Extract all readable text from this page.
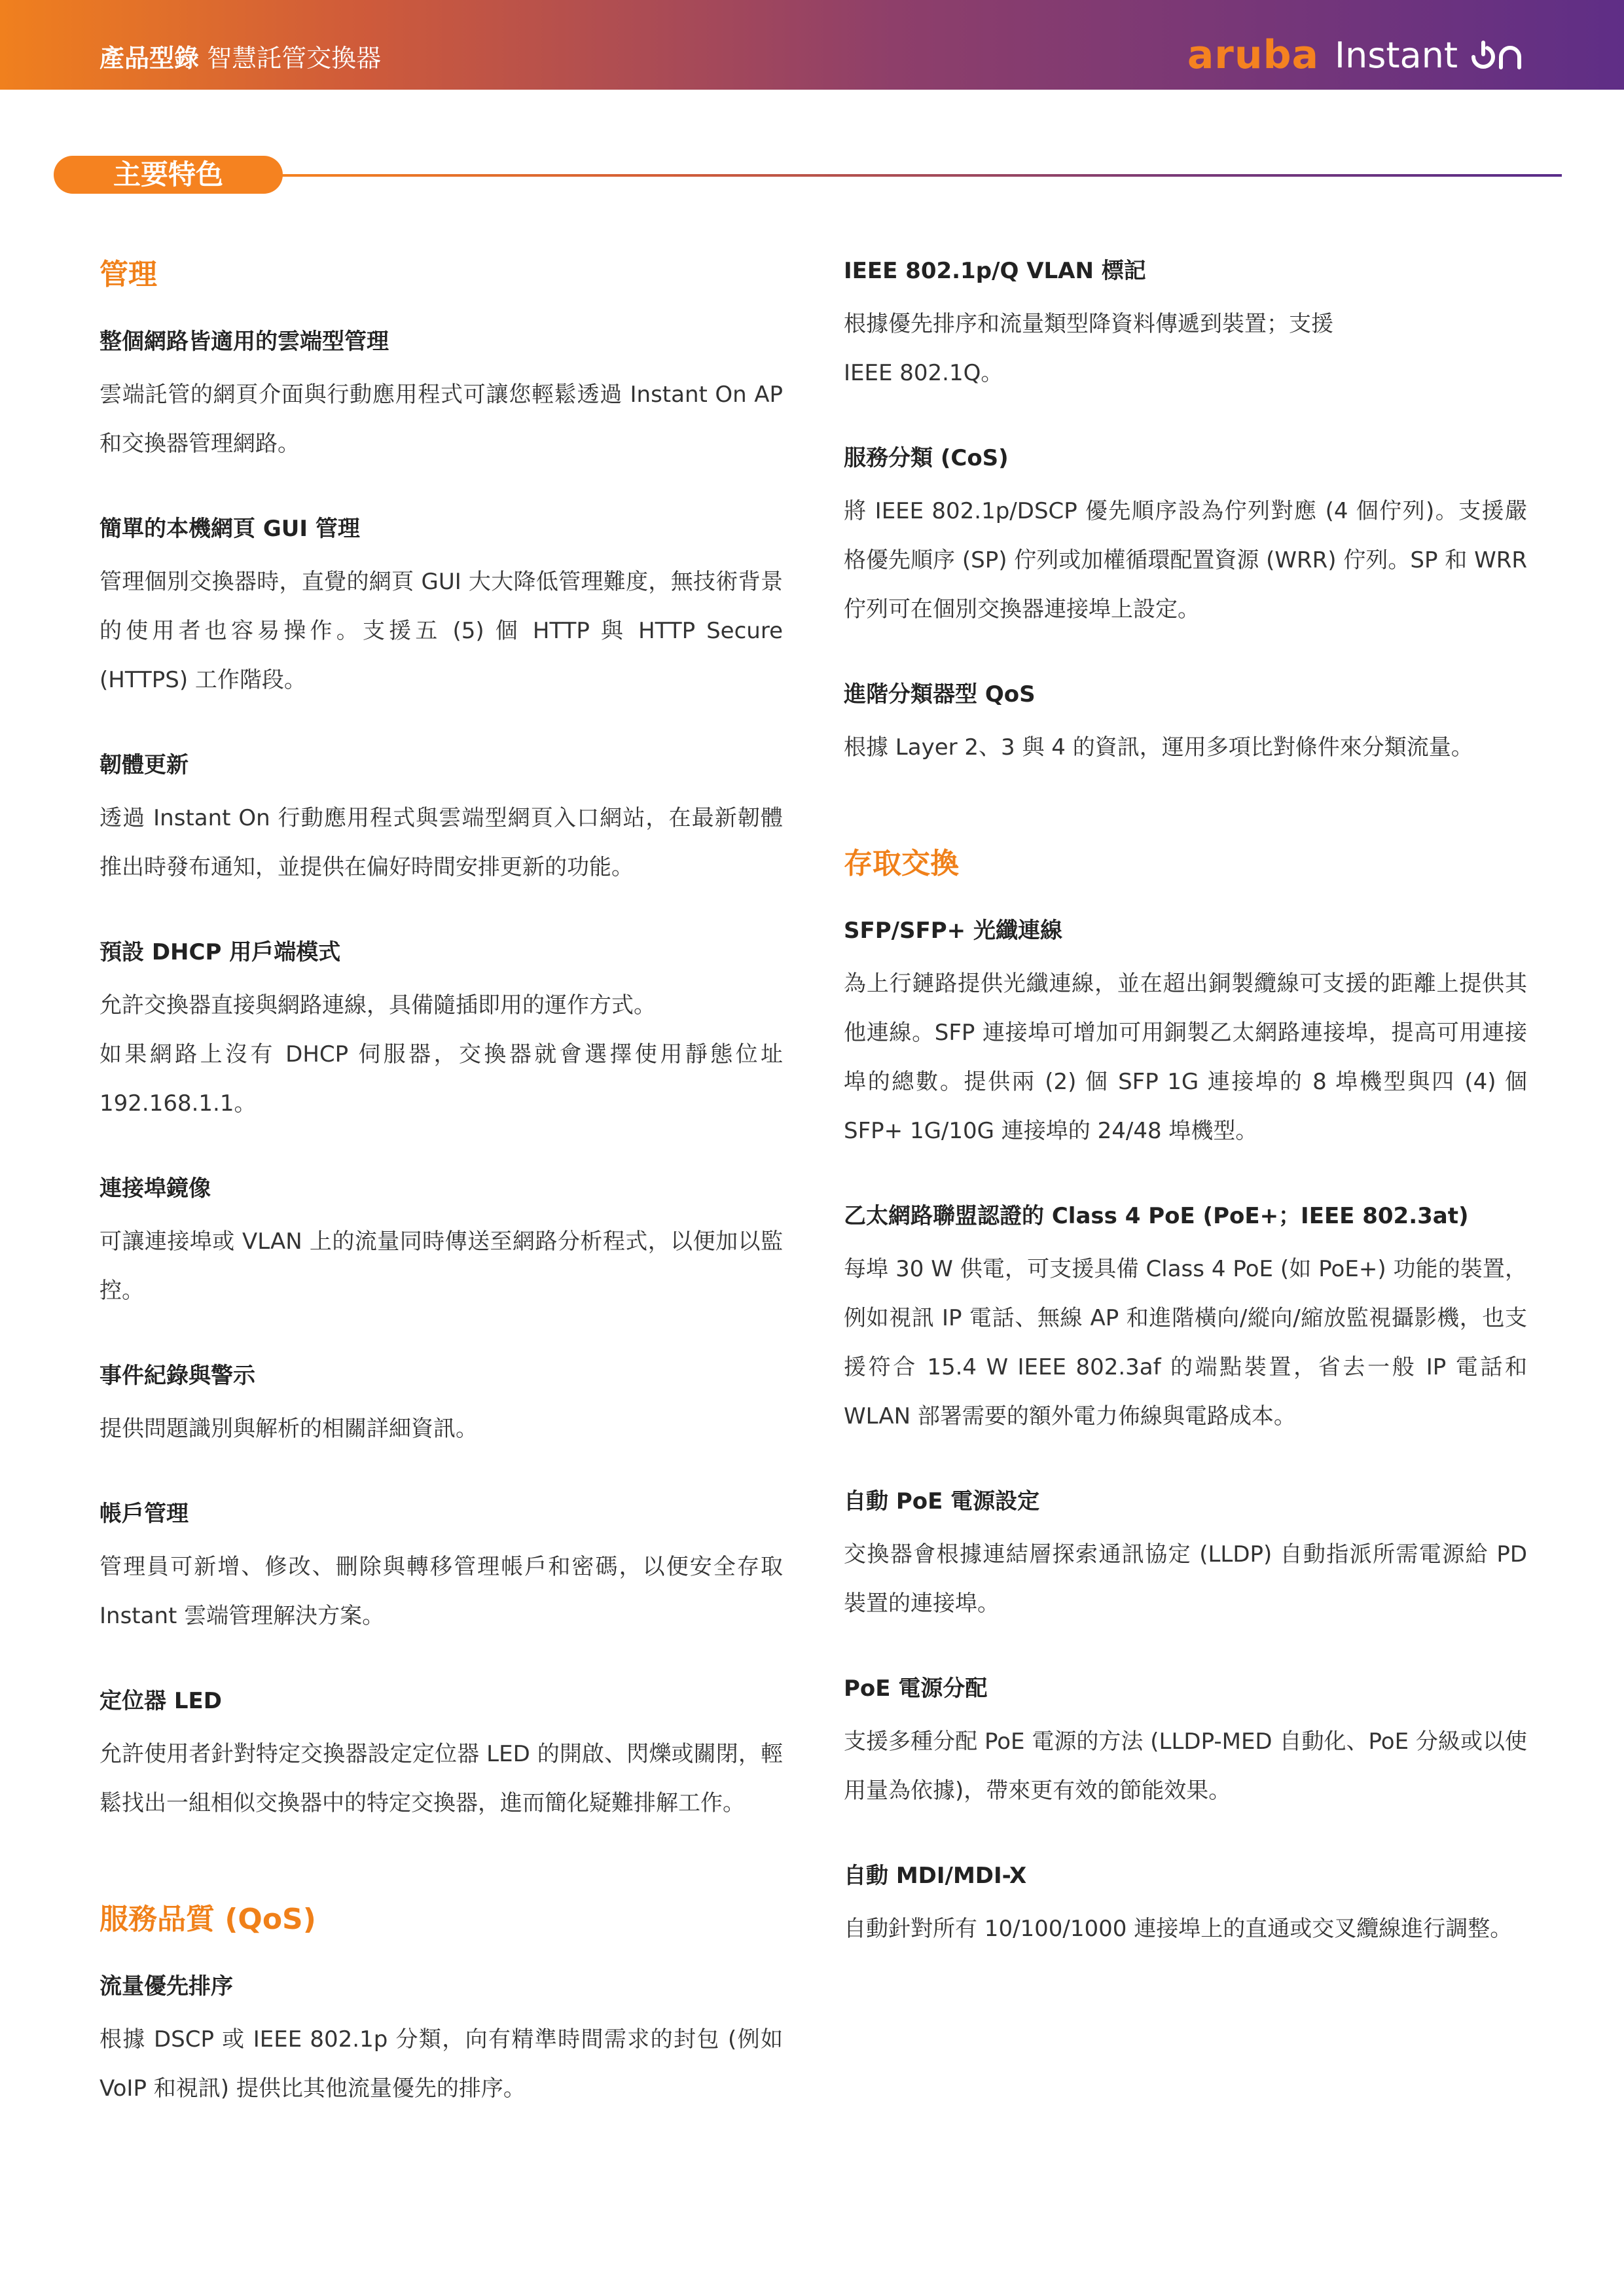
產品型錄 智慧託管交換器	aruba Instant
主要特色
管理
整個網路皆適用的雲端型管理

雲端託管的網頁介面與行動應用程式可讓您輕鬆透過 Instant On AP 和交換器管理網路。

簡單的本機網頁 GUI 管理

管理個別交換器時，直覺的網頁 GUI 大大降低管理難度，無技術背景的使用者也容易操作。支援五 (5) 個 HTTP 與 HTTP Secure (HTTPS) 工作階段。

韌體更新

透過 Instant On 行動應用程式與雲端型網頁入口網站，在最新韌體推出時發布通知，並提供在偏好時間安排更新的功能。

預設 DHCP 用戶端模式

允許交換器直接與網路連線，具備隨插即用的運作方式。

如果網路上沒有 DHCP 伺服器，交換器就會選擇使用靜態位址 192.168.1.1。

連接埠鏡像

可讓連接埠或 VLAN 上的流量同時傳送至網路分析程式，以便加以監控。

事件紀錄與警示

提供問題識別與解析的相關詳細資訊。

帳戶管理

管理員可新增、修改、刪除與轉移管理帳戶和密碼，以便安全存取 Instant 雲端管理解決方案。

定位器 LED

允許使用者針對特定交換器設定定位器 LED 的開啟、閃爍或關閉，輕鬆找出一組相似交換器中的特定交換器，進而簡化疑難排解工作。

服務品質 (QoS)
流量優先排序

根據 DSCP 或 IEEE 802.1p 分類，向有精準時間需求的封包 (例如 VoIP 和視訊) 提供比其他流量優先的排序。

IEEE 802.1p/Q VLAN 標記

根據優先排序和流量類型降資料傳遞到裝置；支援

IEEE 802.1Q。

服務分類 (CoS)

將 IEEE 802.1p/DSCP 優先順序設為佇列對應 (4 個佇列)。支援嚴格優先順序 (SP) 佇列或加權循環配置資源 (WRR) 佇列。SP 和 WRR 佇列可在個別交換器連接埠上設定。

進階分類器型 QoS

根據 Layer 2、3 與 4 的資訊，運用多項比對條件來分類流量。

存取交換
SFP/SFP+ 光纖連線

為上行鏈路提供光纖連線，並在超出銅製纜線可支援的距離上提供其他連線。SFP 連接埠可增加可用銅製乙太網路連接埠，提高可用連接埠的總數。提供兩 (2) 個 SFP 1G 連接埠的 8 埠機型與四 (4) 個 SFP+ 1G/10G 連接埠的 24/48 埠機型。

乙太網路聯盟認證的 Class 4 PoE (PoE+；IEEE 802.3at)

每埠 30 W 供電，可支援具備 Class 4 PoE (如 PoE+) 功能的裝置，例如視訊 IP 電話、無線 AP 和進階橫向/縱向/縮放監視攝影機，也支援符合 15.4 W IEEE 802.3af 的端點裝置，省去一般 IP 電話和 WLAN 部署需要的額外電力佈線與電路成本。

自動 PoE 電源設定

交換器會根據連結層探索通訊協定 (LLDP) 自動指派所需電源給 PD 裝置的連接埠。

PoE 電源分配

支援多種分配 PoE 電源的方法 (LLDP-MED 自動化、PoE 分級或以使用量為依據)，帶來更有效的節能效果。

自動 MDI/MDI-X

自動針對所有 10/100/1000 連接埠上的直通或交叉纜線進行調整。
